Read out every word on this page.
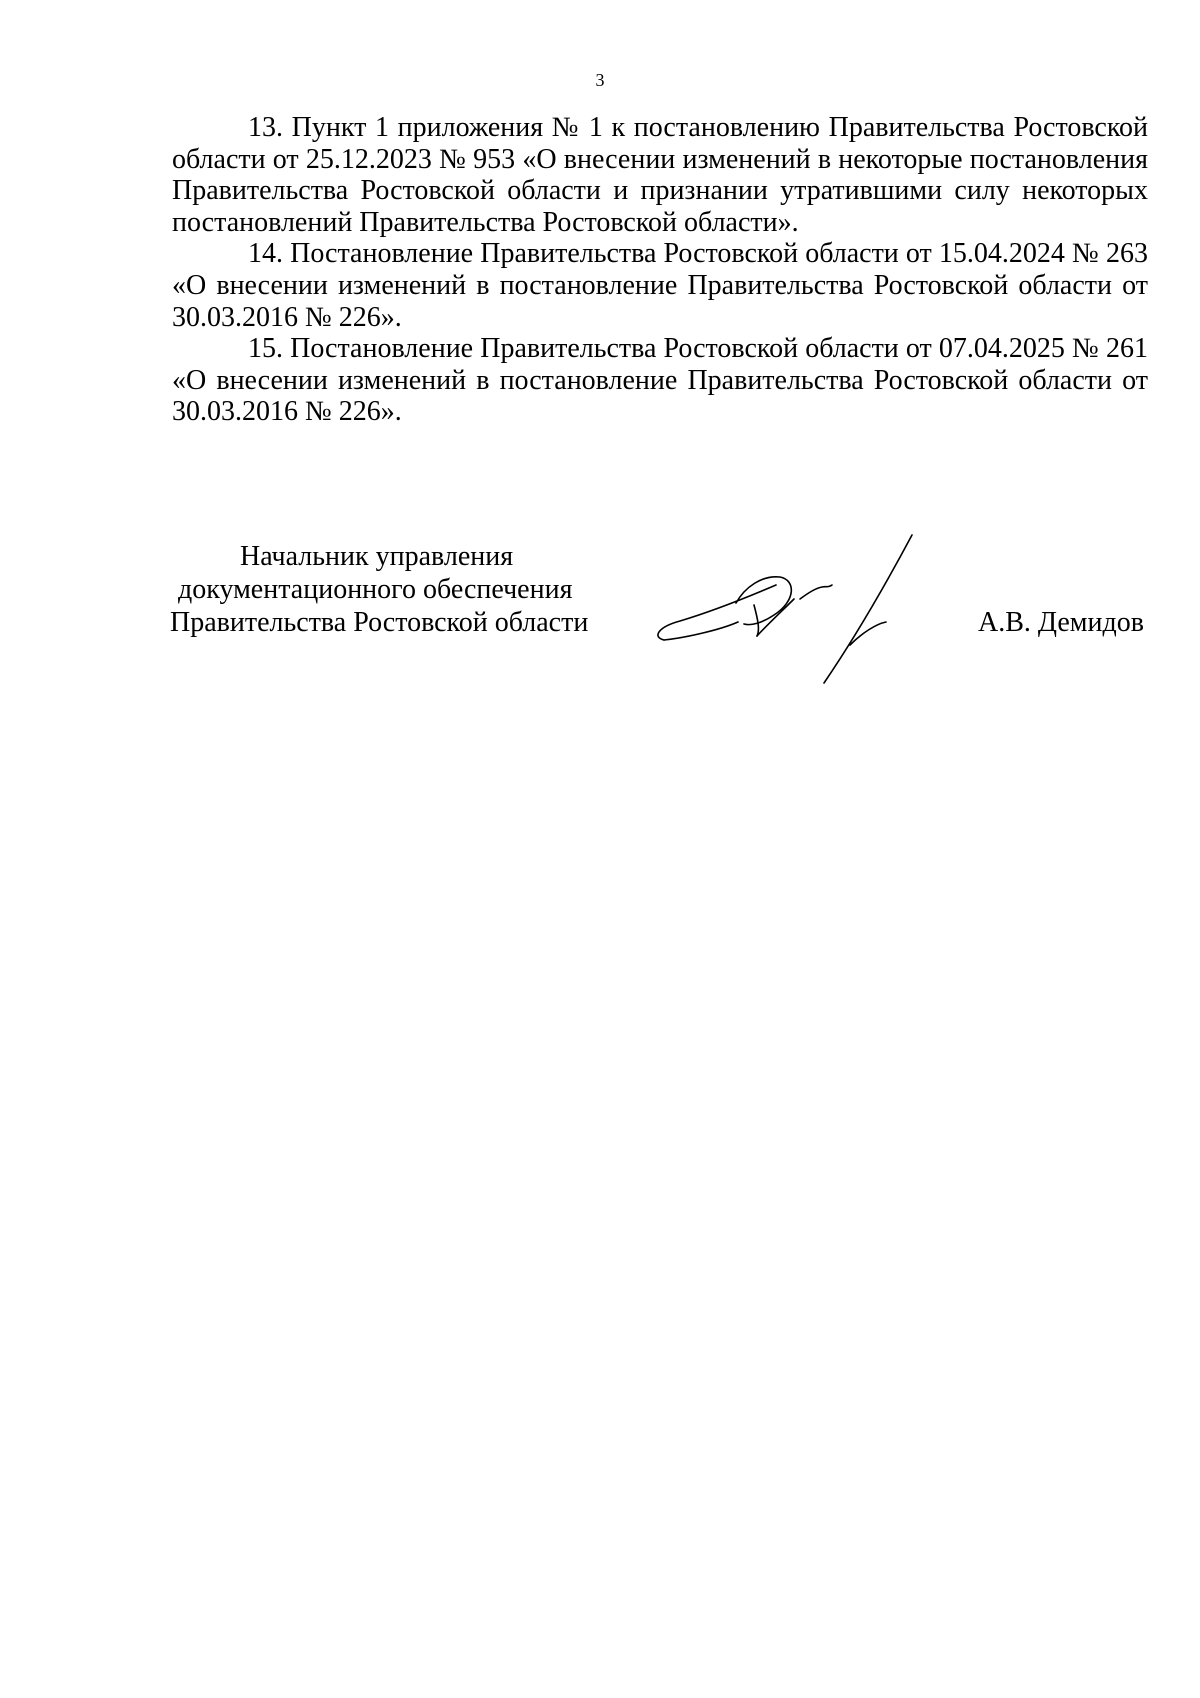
3

13. Пункт 1 приложения № 1 к постановлению Правительства Ростовской области от 25.12.2023 № 953 «О внесении изменений в некоторые постановления Правительства Ростовской области и признании утратившими силу некоторых постановлений Правительства Ростовской области».

14. Постановление Правительства Ростовской области от 15.04.2024 № 263 «О внесении изменений в постановление Правительства Ростовской области от 30.03.2016 № 226».

15. Постановление Правительства Ростовской области от 07.04.2025 № 261 «О внесении изменений в постановление Правительства Ростовской области от 30.03.2016 № 226».

Начальник управления
документационного обеспечения
Правительства Ростовской области	А.В. Демидов
